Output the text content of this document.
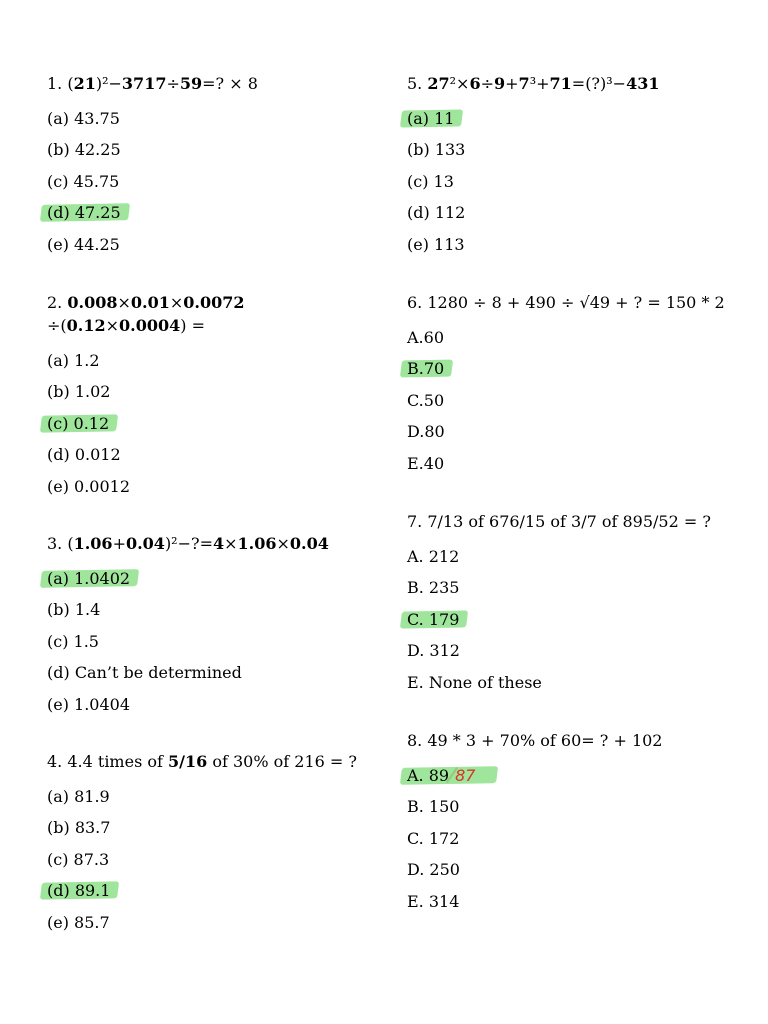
1. (21)²−3717÷59=? × 8
(a) 43.75
(b) 42.25
(c) 45.75
(d) 47.25
(e) 44.25
2. 0.008×0.01×0.0072
÷(0.12×0.0004) =
(a) 1.2
(b) 1.02
(c) 0.12
(d) 0.012
(e) 0.0012
3. (1.06+0.04)²−?=4×1.06×0.04
(a) 1.0402
(b) 1.4
(c) 1.5
(d) Can’t be determined
(e) 1.0404
4. 4.4 times of 5/16 of 30% of 216 = ?
(a) 81.9
(b) 83.7
(c) 87.3
(d) 89.1
(e) 85.7
5. 27²×6÷9+7³+71=(?)³−431
(a) 11
(b) 133
(c) 13
(d) 112
(e) 113
6. 1280 ÷ 8 + 490 ÷ √49 + ? = 150 * 2
A.60
B.70
C.50
D.80
E.40
7. 7/13 of 676/15 of 3/7 of 895/52 = ?
A. 212
B. 235
C. 179
D. 312
E. None of these
8. 49 * 3 + 70% of 60= ? + 102
A. 89 87
B. 150
C. 172
D. 250
E. 314
